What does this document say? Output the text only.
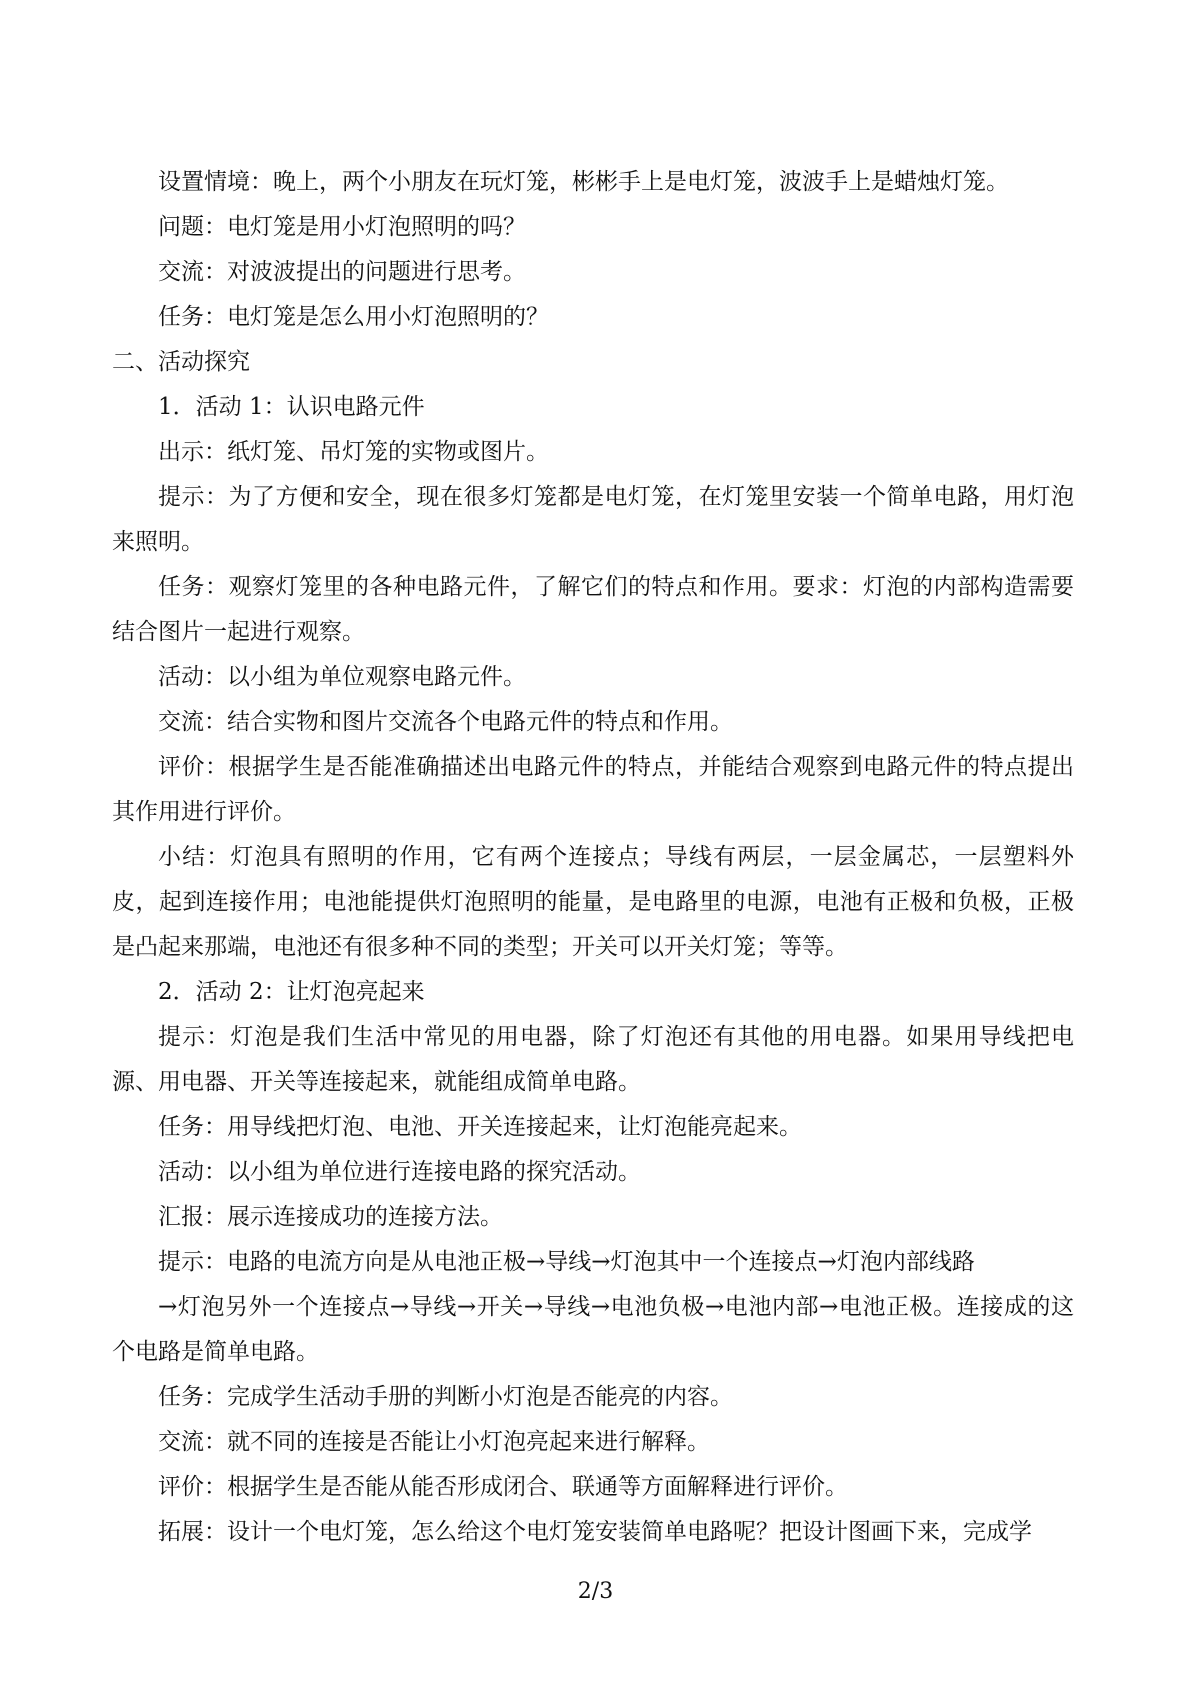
设置情境：晚上，两个小朋友在玩灯笼，彬彬手上是电灯笼，波波手上是蜡烛灯笼。

问题：电灯笼是用小灯泡照明的吗？

交流：对波波提出的问题进行思考。

任务：电灯笼是怎么用小灯泡照明的？

二、活动探究

1．活动 1：认识电路元件

出示：纸灯笼、吊灯笼的实物或图片。

提示：为了方便和安全，现在很多灯笼都是电灯笼，在灯笼里安装一个简单电路，用灯泡来照明。

任务：观察灯笼里的各种电路元件，了解它们的特点和作用。要求：灯泡的内部构造需要结合图片一起进行观察。

活动：以小组为单位观察电路元件。

交流：结合实物和图片交流各个电路元件的特点和作用。

评价：根据学生是否能准确描述出电路元件的特点，并能结合观察到电路元件的特点提出其作用进行评价。

小结：灯泡具有照明的作用，它有两个连接点；导线有两层，一层金属芯，一层塑料外皮，起到连接作用；电池能提供灯泡照明的能量，是电路里的电源，电池有正极和负极，正极是凸起来那端，电池还有很多种不同的类型；开关可以开关灯笼；等等。

2．活动 2：让灯泡亮起来

提示：灯泡是我们生活中常见的用电器，除了灯泡还有其他的用电器。如果用导线把电源、用电器、开关等连接起来，就能组成简单电路。

任务：用导线把灯泡、电池、开关连接起来，让灯泡能亮起来。

活动：以小组为单位进行连接电路的探究活动。

汇报：展示连接成功的连接方法。

提示：电路的电流方向是从电池正极→导线→灯泡其中一个连接点→灯泡内部线路

→灯泡另外一个连接点→导线→开关→导线→电池负极→电池内部→电池正极。连接成的这个电路是简单电路。

任务：完成学生活动手册的判断小灯泡是否能亮的内容。

交流：就不同的连接是否能让小灯泡亮起来进行解释。

评价：根据学生是否能从能否形成闭合、联通等方面解释进行评价。

拓展：设计一个电灯笼，怎么给这个电灯笼安装简单电路呢？把设计图画下来，完成学

2/3
